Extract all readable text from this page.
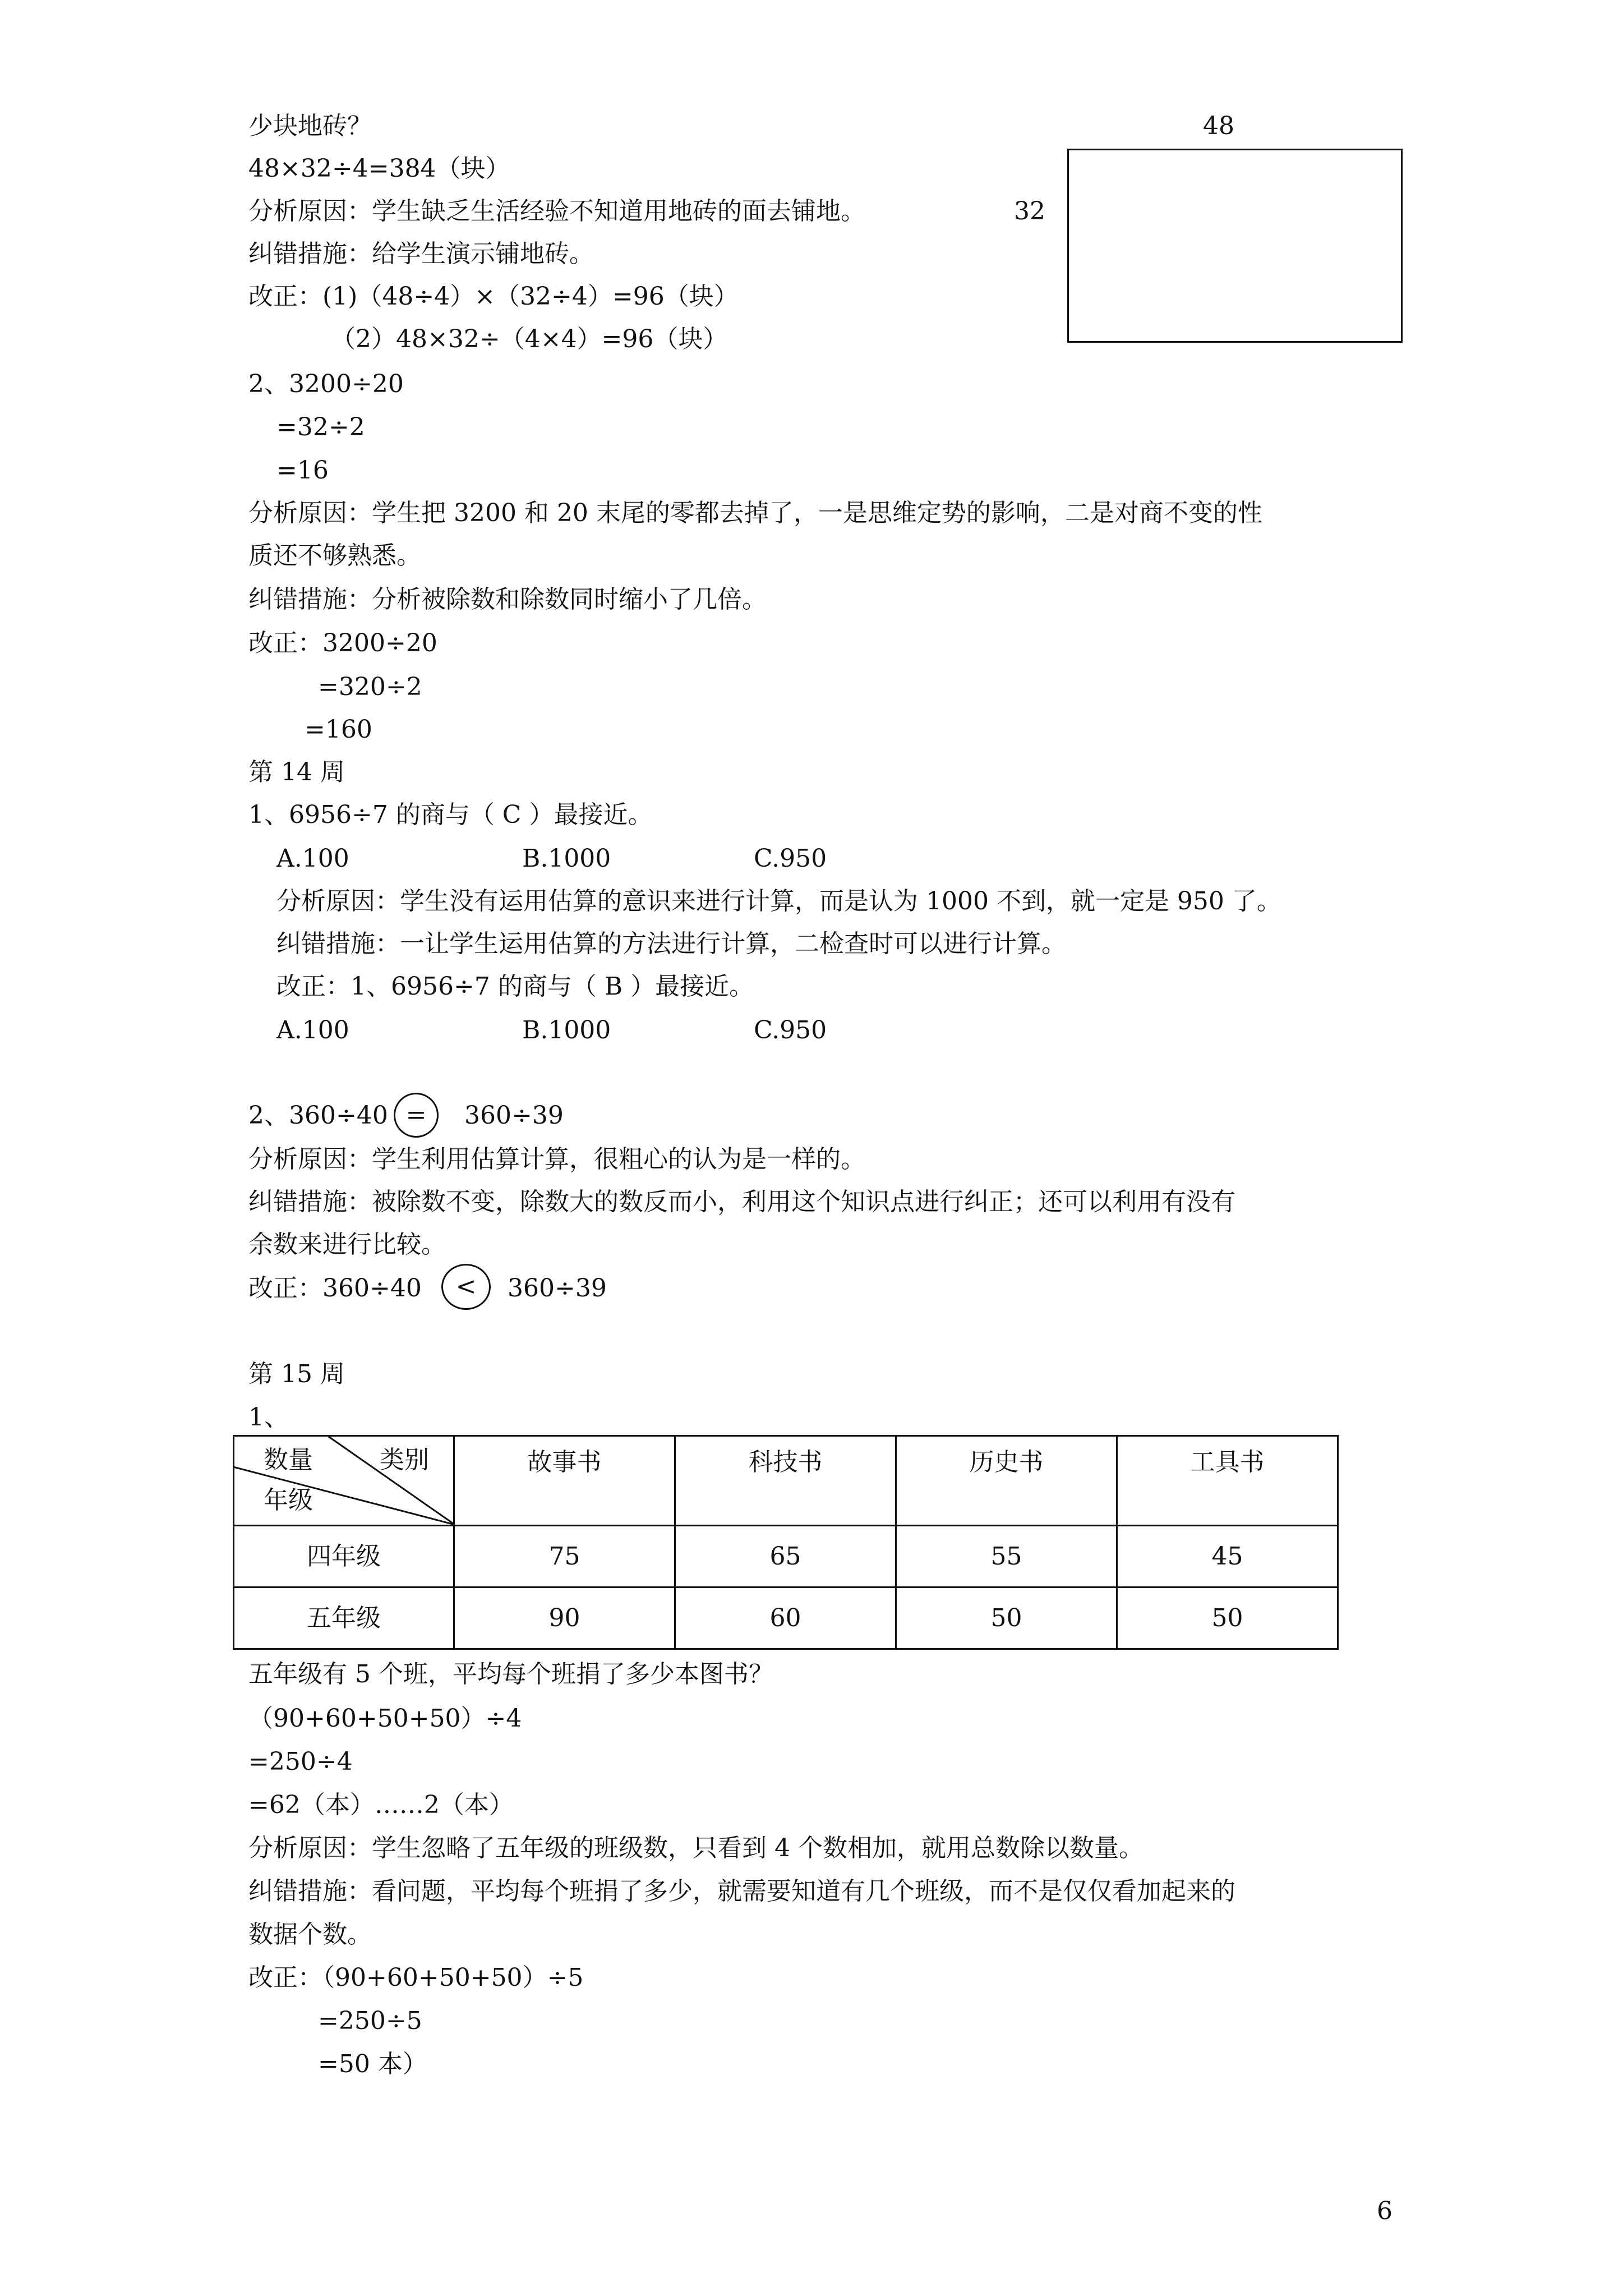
少块地砖？	48
48×32÷4=384（块）
分析原因：学生缺乏生活经验不知道用地砖的面去铺地。	32
纠错措施：给学生演示铺地砖。
改正：(1)（48÷4）×（32÷4）=96（块）
（2）48×32÷（4×4）=96（块）
2、3200÷20
=32÷2
=16
分析原因：学生把 3200 和 20 末尾的零都去掉了，一是思维定势的影响，二是对商不变的性
质还不够熟悉。
纠错措施：分析被除数和除数同时缩小了几倍。
改正：3200÷20
=320÷2
=160
第 14 周
1、6956÷7 的商与（ C ）最接近。
A.100	B.1000	C.950
分析原因：学生没有运用估算的意识来进行计算，而是认为 1000 不到，就一定是 950 了。
纠错措施：一让学生运用估算的方法进行计算，二检查时可以进行计算。
改正：1、6956÷7 的商与（ B ）最接近。
A.100	B.1000	C.950
2、360÷40 =	360÷39
分析原因：学生利用估算计算，很粗心的认为是一样的。
纠错措施：被除数不变，除数大的数反而小，利用这个知识点进行纠正；还可以利用有没有
余数来进行比较。
改正：360÷40	<	360÷39
第 15 周
1、
数量 类别
年级	故事书	科技书	历史书	工具书

四年级	75	65	55	45
五年级	90	60	50	50
五年级有 5 个班，平均每个班捐了多少本图书？
（90+60+50+50）÷4
=250÷4
=62（本）……2（本）
分析原因：学生忽略了五年级的班级数，只看到 4 个数相加，就用总数除以数量。
纠错措施：看问题，平均每个班捐了多少，就需要知道有几个班级，而不是仅仅看加起来的
数据个数。
改正：（90+60+50+50）÷5
=250÷5
=50 本）
6
